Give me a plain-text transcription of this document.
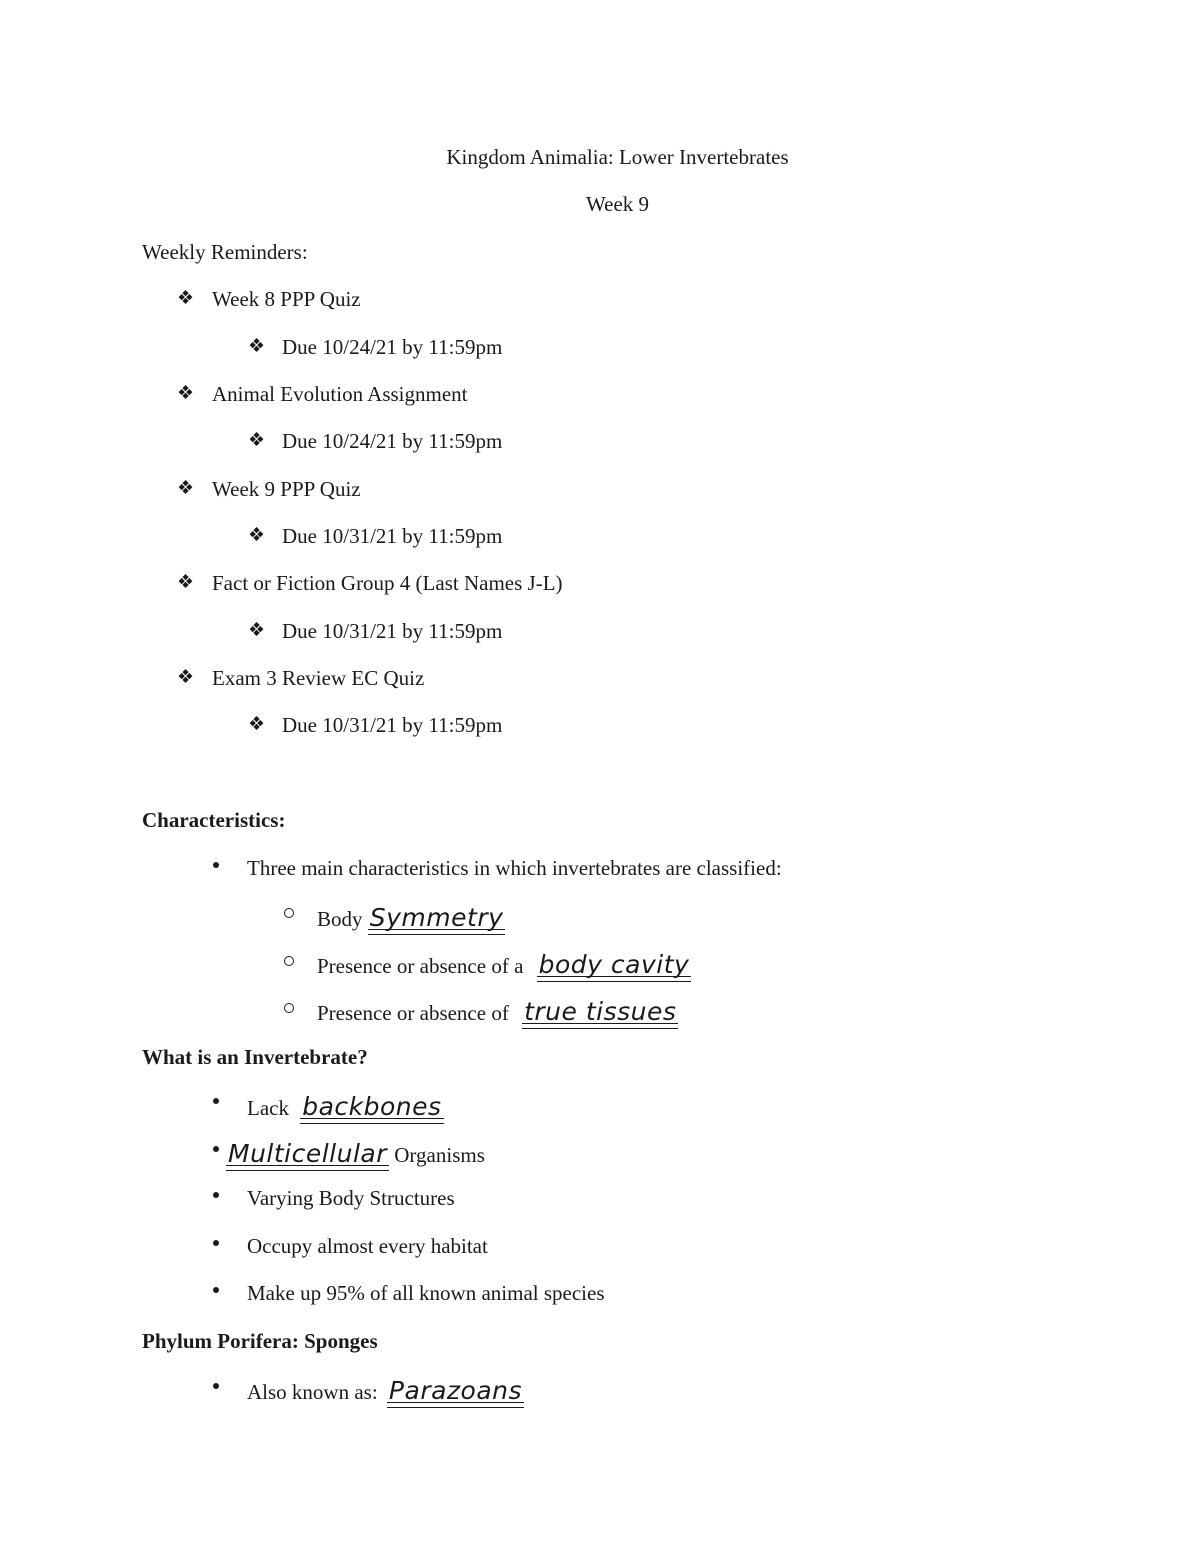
Kingdom Animalia: Lower Invertebrates
Week 9
Weekly Reminders:
❖ Week 8 PPP Quiz
❖ Due 10/24/21 by 11:59pm
❖ Animal Evolution Assignment
❖ Due 10/24/21 by 11:59pm
❖ Week 9 PPP Quiz
❖ Due 10/31/21 by 11:59pm
❖ Fact or Fiction Group 4 (Last Names J-L)
❖ Due 10/31/21 by 11:59pm
❖ Exam 3 Review EC Quiz
❖ Due 10/31/21 by 11:59pm
Characteristics:
Three main characteristics in which invertebrates are classified:
Body Symmetry
Presence or absence of a body cavity
Presence or absence of true tissues
What is an Invertebrate?
Lack backbones
Multicellular Organisms
Varying Body Structures
Occupy almost every habitat
Make up 95% of all known animal species
Phylum Porifera: Sponges
Also known as: Parazoans
